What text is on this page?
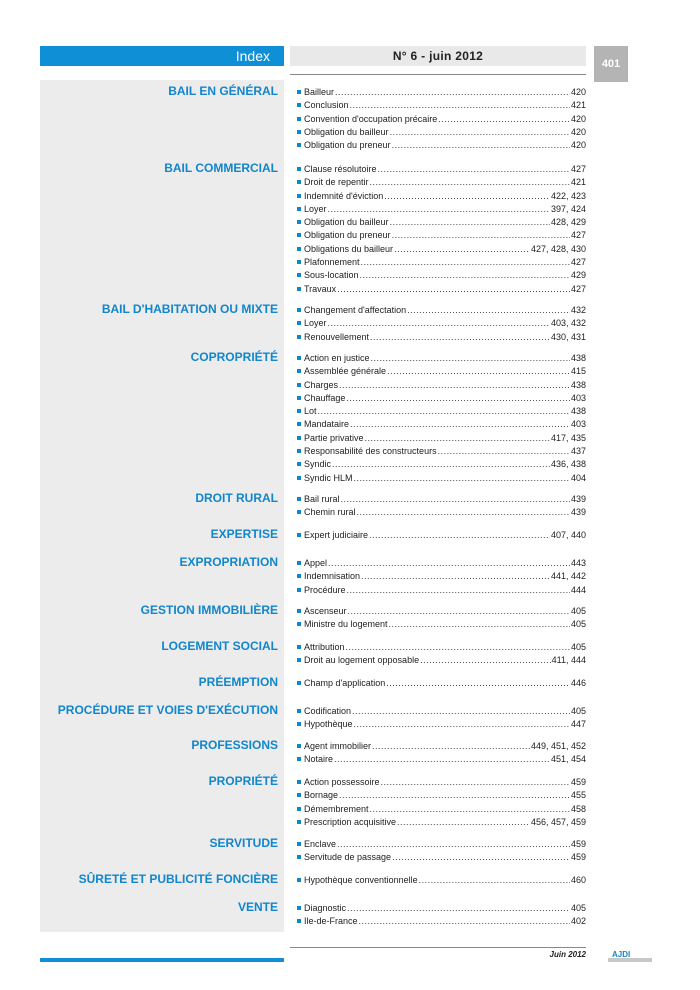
Index	N° 6 - juin 2012
401
BAIL EN GÉNÉRAL	Bailleur .....	420
Conclusion .....	421
Convention d'occupation précaire .....	420
Obligation du bailleur .....	420
Obligation du preneur .....	420
BAIL COMMERCIAL	Clause résolutoire .....	427
Droit de repentir .....	421
Indemnité d'éviction .....	422, 423
Loyer .....	397, 424
Obligation du bailleur .....	428, 429
Obligation du preneur .....	427
Obligations du bailleur .....	427, 428, 430
Plafonnement .....	427
Sous-location .....	429
Travaux .....	427
BAIL D'HABITATION OU MIXTE	Changement d'affectation .....	432
Loyer .....	403, 432
Renouvellement .....	430, 431
COPROPRIÉTÉ	Action en justice .....	438
Assemblée générale .....	415
Charges .....	438
Chauffage .....	403
Lot .....	438
Mandataire .....	403
Partie privative .....	417, 435
Responsabilité des constructeurs .....	437
Syndic .....	436, 438
Syndic HLM .....	404
DROIT RURAL	Bail rural .....	439
Chemin rural .....	439
EXPERTISE	Expert judiciaire .....	407, 440
EXPROPRIATION	Appel .....	443
Indemnisation .....	441, 442
Procédure .....	444
GESTION IMMOBILIÈRE	Ascenseur .....	405
Ministre du logement .....	405
LOGEMENT SOCIAL	Attribution .....	405
Droit au logement opposable .....	411, 444
PRÉEMPTION	Champ d'application .....	446
PROCÉDURE ET VOIES D'EXÉCUTION	Codification .....	405
Hypothèque .....	447
PROFESSIONS	Agent immobilier .....	449, 451, 452
Notaire .....	451, 454
PROPRIÉTÉ	Action possessoire .....	459
Bornage .....	455
Démembrement .....	458
Prescription acquisitive .....	456, 457, 459
SERVITUDE	Enclave .....	459
Servitude de passage .....	459
SÛRETÉ ET PUBLICITÉ FONCIÈRE	Hypothèque conventionnelle .....	460
VENTE	Diagnostic .....	405
Ile-de-France .....	402
Juin 2012	AJDI
